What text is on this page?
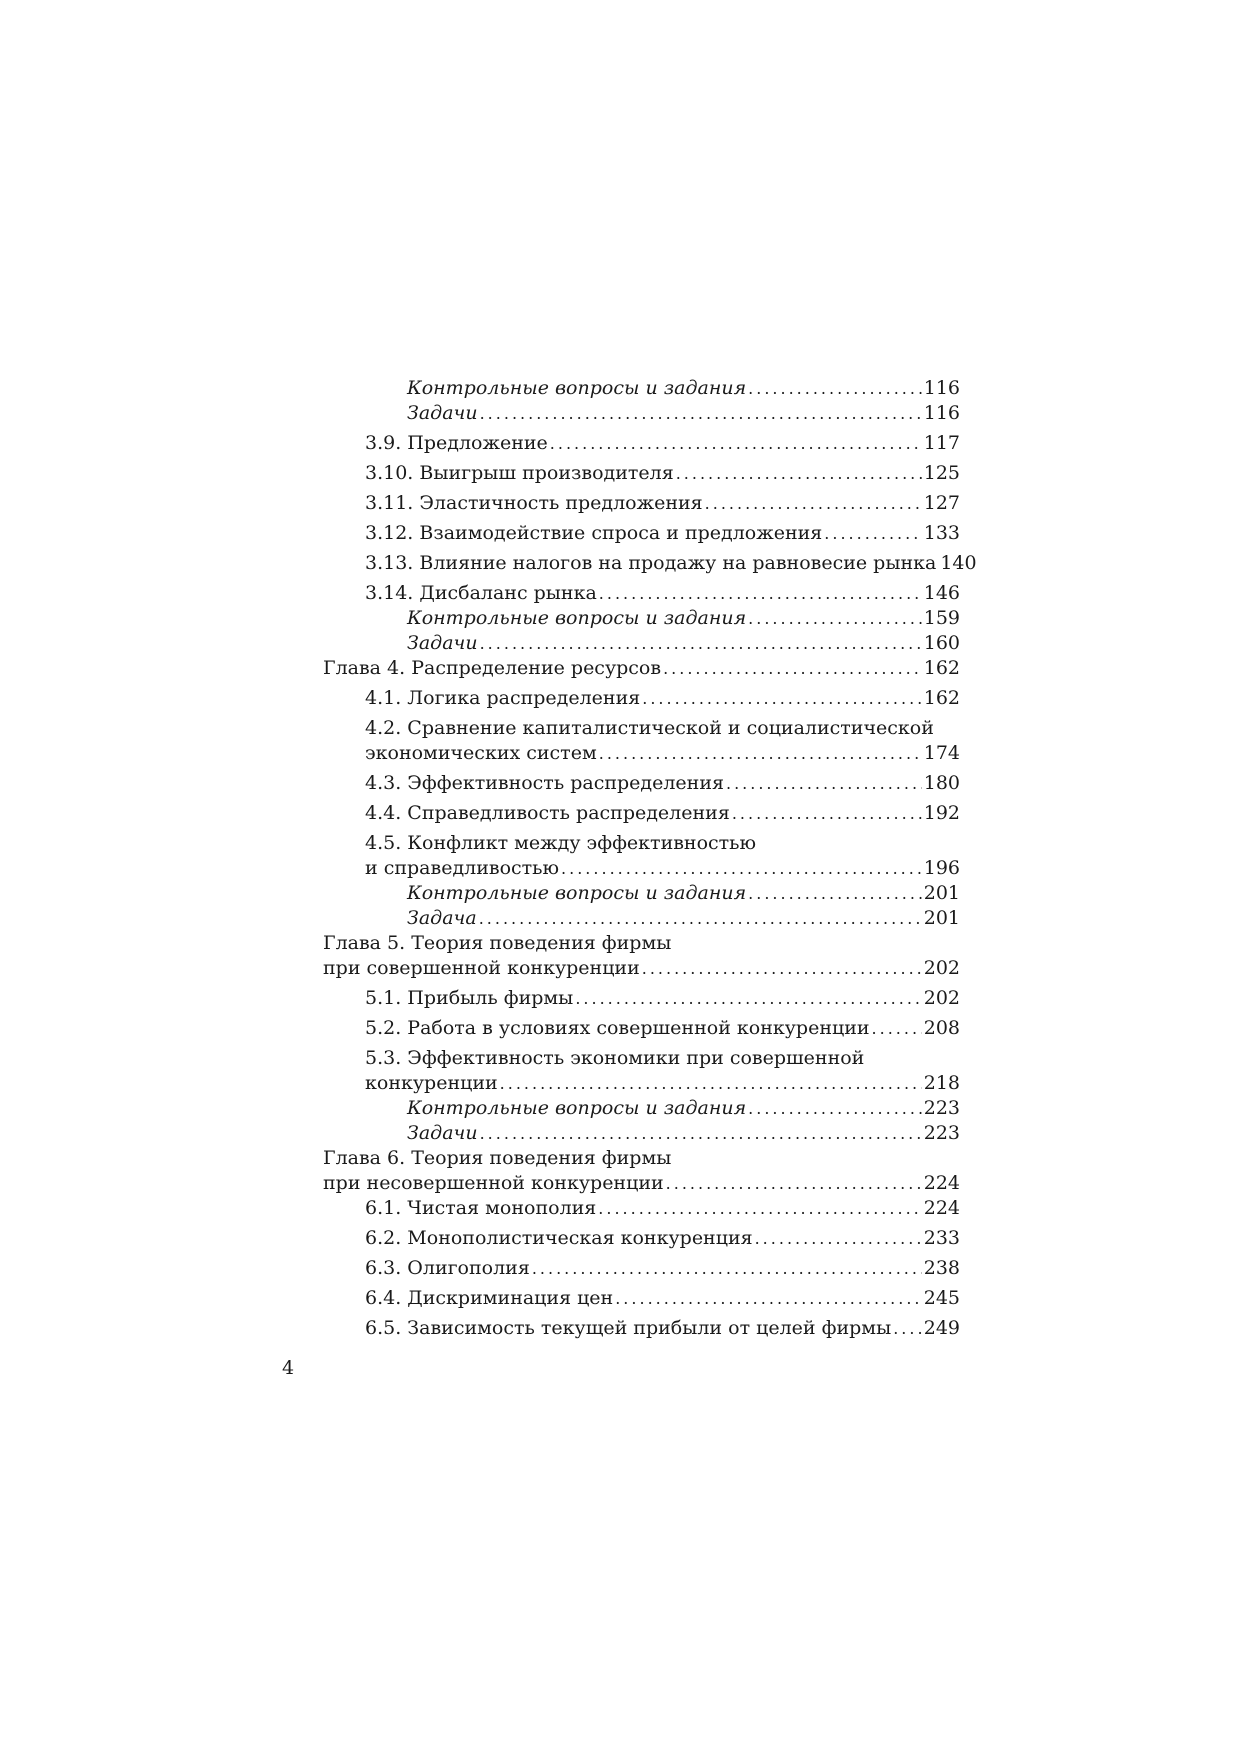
Контрольные вопросы и задания .....	116
Задачи .....	116
3.9. Предложение .....	117
3.10. Выигрыш производителя .....	125
3.11. Эластичность предложения .....	127
3.12. Взаимодействие спроса и предложения .....	133
3.13. Влияние налогов на продажу на равновесие рынка 140
3.14. Дисбаланс рынка .....	146
Контрольные вопросы и задания .....	159
Задачи .....	160
Глава 4. Распределение ресурсов .....	162
4.1. Логика распределения .....	162
4.2. Сравнение капиталистической и социалистической
экономических систем .....	174
4.3. Эффективность распределения .....	180
4.4. Справедливость распределения .....	192
4.5. Конфликт между эффективностью
и справедливостью .....	196
Контрольные вопросы и задания .....	201
Задача .....	201
Глава 5. Теория поведения фирмы
при совершенной конкуренции .....	202
5.1. Прибыль фирмы .....	202
5.2. Работа в условиях совершенной конкуренции .....	208
5.3. Эффективность экономики при совершенной
конкуренции .....	218
Контрольные вопросы и задания .....	223
Задачи .....	223
Глава 6. Теория поведения фирмы
при несовершенной конкуренции .....	224
6.1. Чистая монополия .....	224
6.2. Монополистическая конкуренция .....	233
6.3. Олигополия .....	238
6.4. Дискриминация цен .....	245
6.5. Зависимость текущей прибыли от целей фирмы ..... 249
4
